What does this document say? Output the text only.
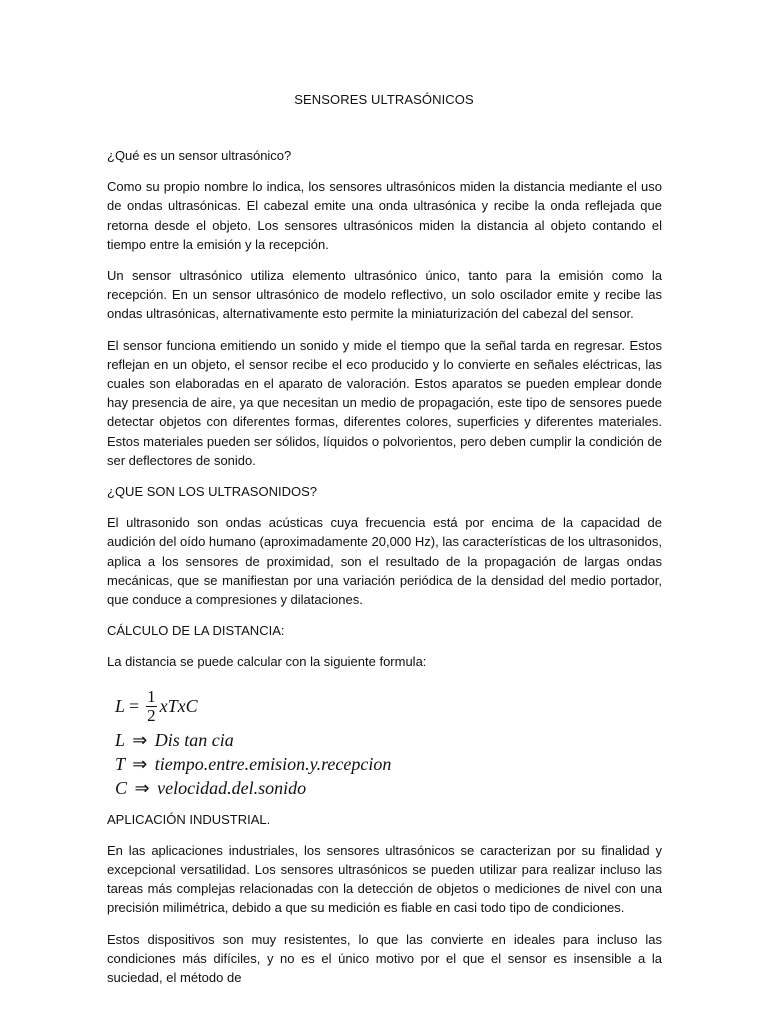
SENSORES ULTRASÓNICOS
¿Qué es un sensor ultrasónico?

Como su propio nombre lo indica, los sensores ultrasónicos miden la distancia mediante el uso de ondas ultrasónicas. El cabezal emite una onda ultrasónica y recibe la onda reflejada que retorna desde el objeto. Los sensores ultrasónicos miden la distancia al objeto contando el tiempo entre la emisión y la recepción.

Un sensor ultrasónico utiliza elemento ultrasónico único, tanto para la emisión como la recepción. En un sensor ultrasónico de modelo reflectivo, un solo oscilador emite y recibe las ondas ultrasónicas, alternativamente esto permite la miniaturización del cabezal del sensor.

El sensor funciona emitiendo un sonido y mide el tiempo que la señal tarda en regresar. Estos reflejan en un objeto, el sensor recibe el eco producido y lo convierte en señales eléctricas, las cuales son elaboradas en el aparato de valoración. Estos aparatos se pueden emplear donde hay presencia de aire, ya que necesitan un medio de propagación, este tipo de sensores puede detectar objetos con diferentes formas, diferentes colores, superficies y diferentes materiales. Estos materiales pueden ser sólidos, líquidos o polvorientos, pero deben cumplir la condición de ser deflectores de sonido.

¿QUE SON LOS ULTRASONIDOS?

El ultrasonido son ondas acústicas cuya frecuencia está por encima de la capacidad de audición del oído humano (aproximadamente 20,000 Hz), las características de los ultrasonidos, aplica a los sensores de proximidad, son el resultado de la propagación de largas ondas mecánicas, que se manifiestan por una variación periódica de la densidad del medio portador, que conduce a compresiones y dilataciones.

CÁLCULO DE LA DISTANCIA:

La distancia se puede calcular con la siguiente formula:

$L = \frac{1}{2}$ xTxC
L ⇒ Dis tan cia
T ⇒ tiempo.entre.emision.y.recepcion
C ⇒ velocidad.del.sonido
APLICACIÓN INDUSTRIAL.

En las aplicaciones industriales, los sensores ultrasónicos se caracterizan por su finalidad y excepcional versatilidad. Los sensores ultrasónicos se pueden utilizar para realizar incluso las tareas más complejas relacionadas con la detección de objetos o mediciones de nivel con una precisión milimétrica, debido a que su medición es fiable en casi todo tipo de condiciones.

Estos dispositivos son muy resistentes, lo que las convierte en ideales para incluso las condiciones más difíciles, y no es el único motivo por el que el sensor es insensible a la suciedad, el método de
